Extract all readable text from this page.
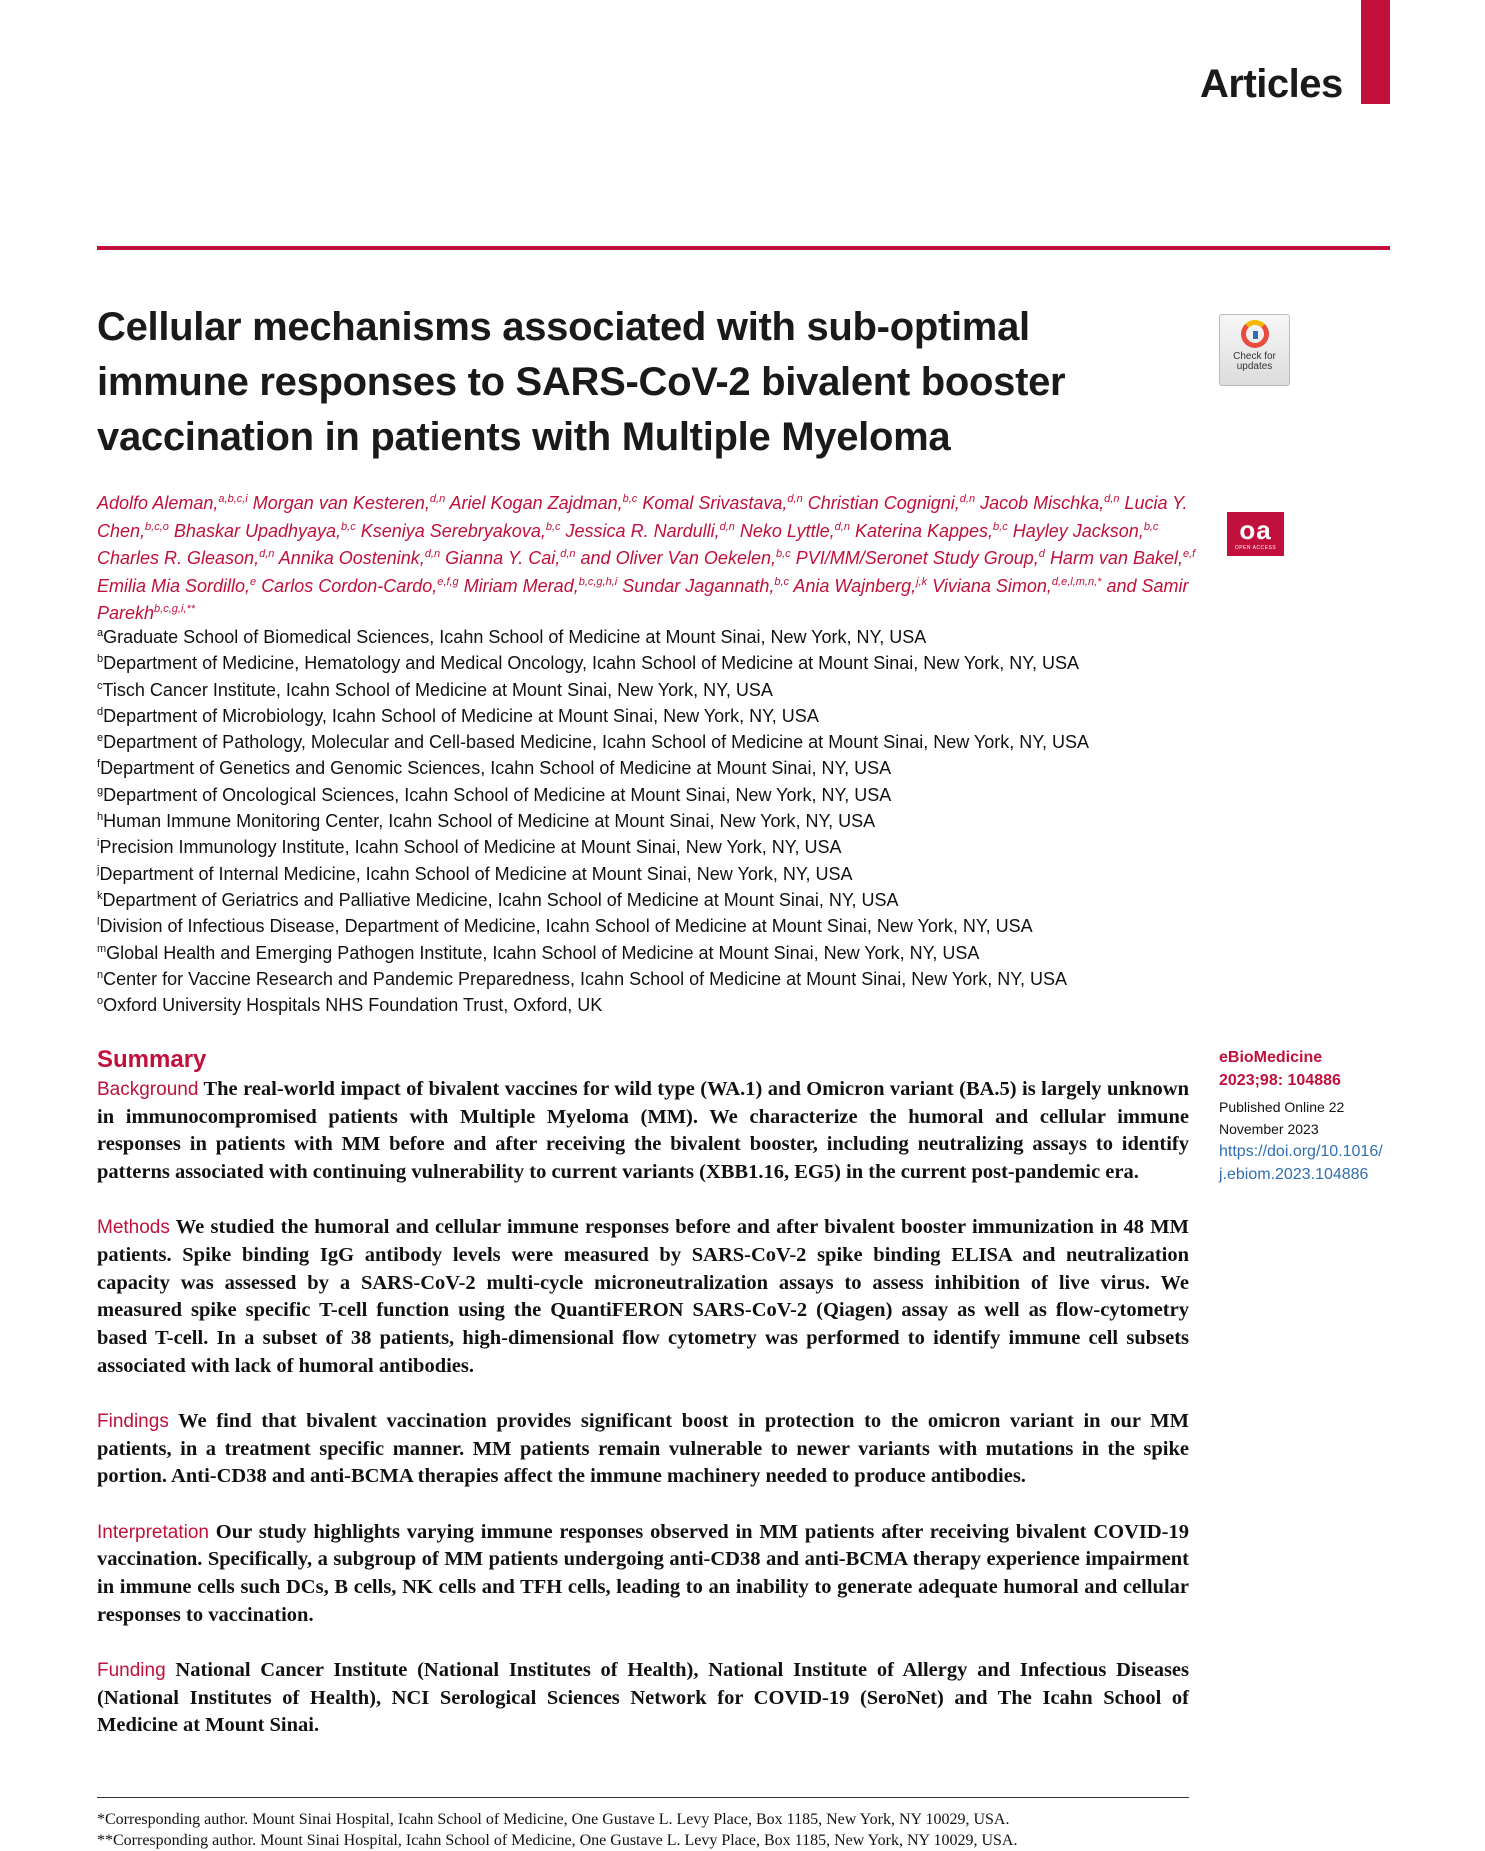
Articles
Cellular mechanisms associated with sub-optimal immune responses to SARS-CoV-2 bivalent booster vaccination in patients with Multiple Myeloma
Check for
updates
oa
OPEN ACCESS

Adolfo Aleman,$^{a,b,c,i}$ Morgan van Kesteren,$^{d,n}$ Ariel Kogan Zajdman,$^{b,c}$ Komal Srivastava,$^{d,n}$ Christian Cognigni,$^{d,n}$ Jacob Mischka,$^{d,n}$ Lucia Y. Chen,$^{b,c,o}$ Bhaskar Upadhyaya,$^{b,c}$ Kseniya Serebryakova,$^{b,c}$ Jessica R. Nardulli,$^{d,n}$ Neko Lyttle,$^{d,n}$ Katerina Kappes,$^{b,c}$ Hayley Jackson,$^{b,c}$ Charles R. Gleason,$^{d,n}$ Annika Oostenink,$^{d,n}$ Gianna Y. Cai,$^{d,n}$ and Oliver Van Oekelen,$^{b,c}$ PVI/MM/Seronet Study Group,$^d$ Harm van Bakel,$^{e,f}$ Emilia Mia Sordillo,$^e$ Carlos Cordon-Cardo,$^{e,f,g}$ Miriam Merad,$^{b,c,g,h,i}$ Sundar Jagannath,$^{b,c}$ Ania Wajnberg,$^{j,k}$ Viviana Simon,$^{d,e,l,m,n,*}$ and Samir Parekh$^{b,c,g,i,**}$

$^a$Graduate School of Biomedical Sciences, Icahn School of Medicine at Mount Sinai, New York, NY, USA
$^b$Department of Medicine, Hematology and Medical Oncology, Icahn School of Medicine at Mount Sinai, New York, NY, USA
$^c$Tisch Cancer Institute, Icahn School of Medicine at Mount Sinai, New York, NY, USA
$^d$Department of Microbiology, Icahn School of Medicine at Mount Sinai, New York, NY, USA
$^e$Department of Pathology, Molecular and Cell-based Medicine, Icahn School of Medicine at Mount Sinai, New York, NY, USA
$^f$Department of Genetics and Genomic Sciences, Icahn School of Medicine at Mount Sinai, NY, USA
$^g$Department of Oncological Sciences, Icahn School of Medicine at Mount Sinai, New York, NY, USA
$^h$Human Immune Monitoring Center, Icahn School of Medicine at Mount Sinai, New York, NY, USA
$^i$Precision Immunology Institute, Icahn School of Medicine at Mount Sinai, New York, NY, USA
$^j$Department of Internal Medicine, Icahn School of Medicine at Mount Sinai, New York, NY, USA
$^k$Department of Geriatrics and Palliative Medicine, Icahn School of Medicine at Mount Sinai, NY, USA
$^l$Division of Infectious Disease, Department of Medicine, Icahn School of Medicine at Mount Sinai, New York, NY, USA
$^m$Global Health and Emerging Pathogen Institute, Icahn School of Medicine at Mount Sinai, New York, NY, USA
$^n$Center for Vaccine Research and Pandemic Preparedness, Icahn School of Medicine at Mount Sinai, New York, NY, USA
$^o$Oxford University Hospitals NHS Foundation Trust, Oxford, UK
Summary

Background The real-world impact of bivalent vaccines for wild type (WA.1) and Omicron variant (BA.5) is largely unknown in immunocompromised patients with Multiple Myeloma (MM). We characterize the humoral and cellular immune responses in patients with MM before and after receiving the bivalent booster, including neutralizing assays to identify patterns associated with continuing vulnerability to current variants (XBB1.16, EG5) in the current post-pandemic era.

Methods We studied the humoral and cellular immune responses before and after bivalent booster immunization in 48 MM patients. Spike binding IgG antibody levels were measured by SARS-CoV-2 spike binding ELISA and neutralization capacity was assessed by a SARS-CoV-2 multi-cycle microneutralization assays to assess inhibition of live virus. We measured spike specific T-cell function using the QuantiFERON SARS-CoV-2 (Qiagen) assay as well as flow-cytometry based T-cell. In a subset of 38 patients, high-dimensional flow cytometry was performed to identify immune cell subsets associated with lack of humoral antibodies.

Findings We find that bivalent vaccination provides significant boost in protection to the omicron variant in our MM patients, in a treatment specific manner. MM patients remain vulnerable to newer variants with mutations in the spike portion. Anti-CD38 and anti-BCMA therapies affect the immune machinery needed to produce antibodies.

Interpretation Our study highlights varying immune responses observed in MM patients after receiving bivalent COVID-19 vaccination. Specifically, a subgroup of MM patients undergoing anti-CD38 and anti-BCMA therapy experience impairment in immune cells such DCs, B cells, NK cells and TFH cells, leading to an inability to generate adequate humoral and cellular responses to vaccination.

Funding National Cancer Institute (National Institutes of Health), National Institute of Allergy and Infectious Diseases (National Institutes of Health), NCI Serological Sciences Network for COVID-19 (SeroNet) and The Icahn School of Medicine at Mount Sinai.

eBioMedicine

2023;98: 104886

Published Online 22 November 2023

https://doi.org/10.1016/j.ebiom.2023.104886
*Corresponding author. Mount Sinai Hospital, Icahn School of Medicine, One Gustave L. Levy Place, Box 1185, New York, NY 10029, USA.
**Corresponding author. Mount Sinai Hospital, Icahn School of Medicine, One Gustave L. Levy Place, Box 1185, New York, NY 10029, USA.
